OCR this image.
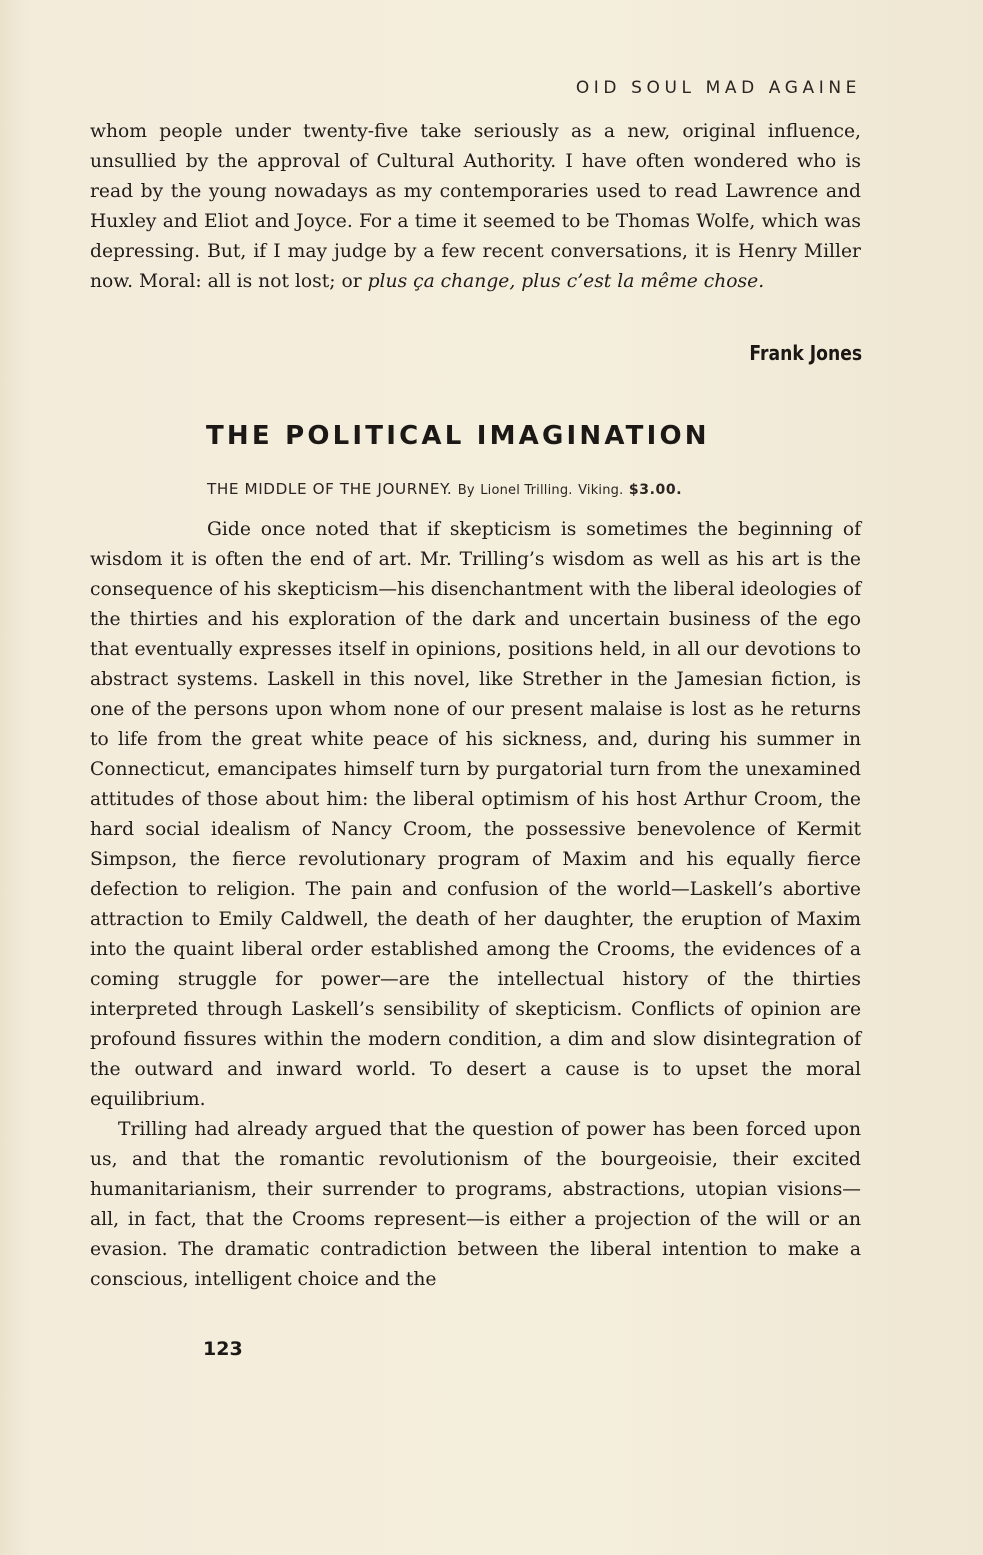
OID SOUL MAD AGAINE

whom people under twenty-five take seriously as a new, original influence, unsullied by the approval of Cultural Authority. I have often wondered who is read by the young nowadays as my contemporaries used to read Lawrence and Huxley and Eliot and Joyce. For a time it seemed to be Thomas Wolfe, which was depressing. But, if I may judge by a few recent conversations, it is Henry Miller now. Moral: all is not lost; or plus ça change, plus c’est la même chose.

Frank Jones
THE POLITICAL IMAGINATION
THE MIDDLE OF THE JOURNEY. By Lionel Trilling. Viking. $3.00.

Gide once noted that if skepticism is sometimes the beginning of wisdom it is often the end of art. Mr. Trilling’s wisdom as well as his art is the consequence of his skepticism—his disenchantment with the liberal ideologies of the thirties and his exploration of the dark and uncertain business of the ego that eventually expresses itself in opinions, positions held, in all our devotions to abstract systems. Laskell in this novel, like Strether in the Jamesian fiction, is one of the persons upon whom none of our present malaise is lost as he returns to life from the great white peace of his sickness, and, during his summer in Connecticut, emancipates himself turn by purgatorial turn from the unexamined attitudes of those about him: the liberal optimism of his host Arthur Croom, the hard social idealism of Nancy Croom, the possessive benevolence of Kermit Simpson, the fierce revolutionary program of Maxim and his equally fierce defection to religion. The pain and confusion of the world—Laskell’s abortive attraction to Emily Caldwell, the death of her daughter, the eruption of Maxim into the quaint liberal order established among the Crooms, the evidences of a coming struggle for power—are the intellectual history of the thirties interpreted through Laskell’s sensibility of skepticism. Conflicts of opinion are profound fissures within the modern condition, a dim and slow disintegration of the outward and inward world. To desert a cause is to upset the moral equilibrium.

Trilling had already argued that the question of power has been forced upon us, and that the romantic revolutionism of the bourgeoisie, their excited humanitarianism, their surrender to programs, abstractions, utopian visions—all, in fact, that the Crooms represent—is either a projection of the will or an evasion. The dramatic contradiction between the liberal intention to make a conscious, intelligent choice and the

123
